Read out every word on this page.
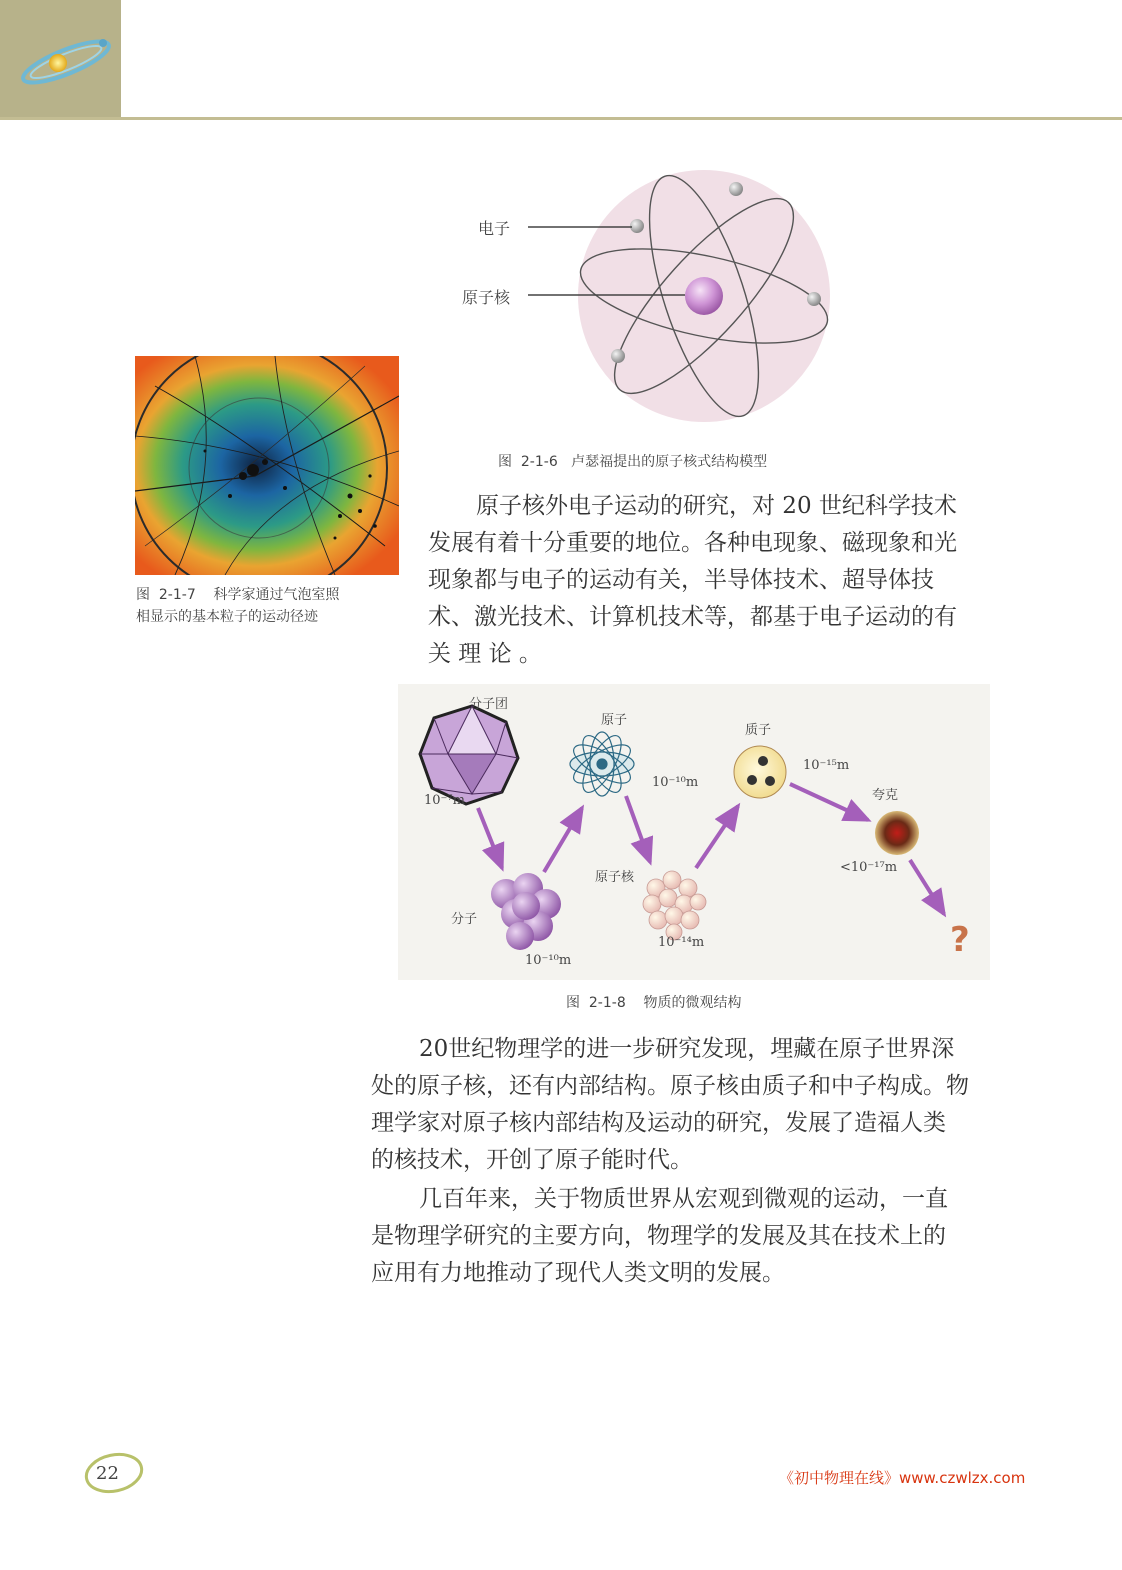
电子
原子核
图  2-1-6   卢瑟福提出的原子核式结构模型
图  2-1-7    科学家通过气泡室照
相显示的基本粒子的运动径迹
原子核外电子运动的研究，对 20 世纪科学技术
发展有着十分重要的地位。各种电现象、磁现象和光
现象都与电子的运动有关，半导体技术、超导体技
术、激光技术、计算机技术等，都基于电子运动的有
关 理 论 。
分子团
10⁻⁷m
分子
10⁻¹⁰m
原子
10⁻¹⁰m
原子核
10⁻¹⁴m
质子
10⁻¹⁵m
夸克
<10⁻¹⁷m
?
图  2-1-8    物质的微观结构
20世纪物理学的进一步研究发现，埋藏在原子世界深
处的原子核，还有内部结构。原子核由质子和中子构成。物
理学家对原子核内部结构及运动的研究，发展了造福人类
的核技术，开创了原子能时代。
几百年来，关于物质世界从宏观到微观的运动，一直
是物理学研究的主要方向，物理学的发展及其在技术上的
应用有力地推动了现代人类文明的发展。
22	《初中物理在线》www.czwlzx.com
